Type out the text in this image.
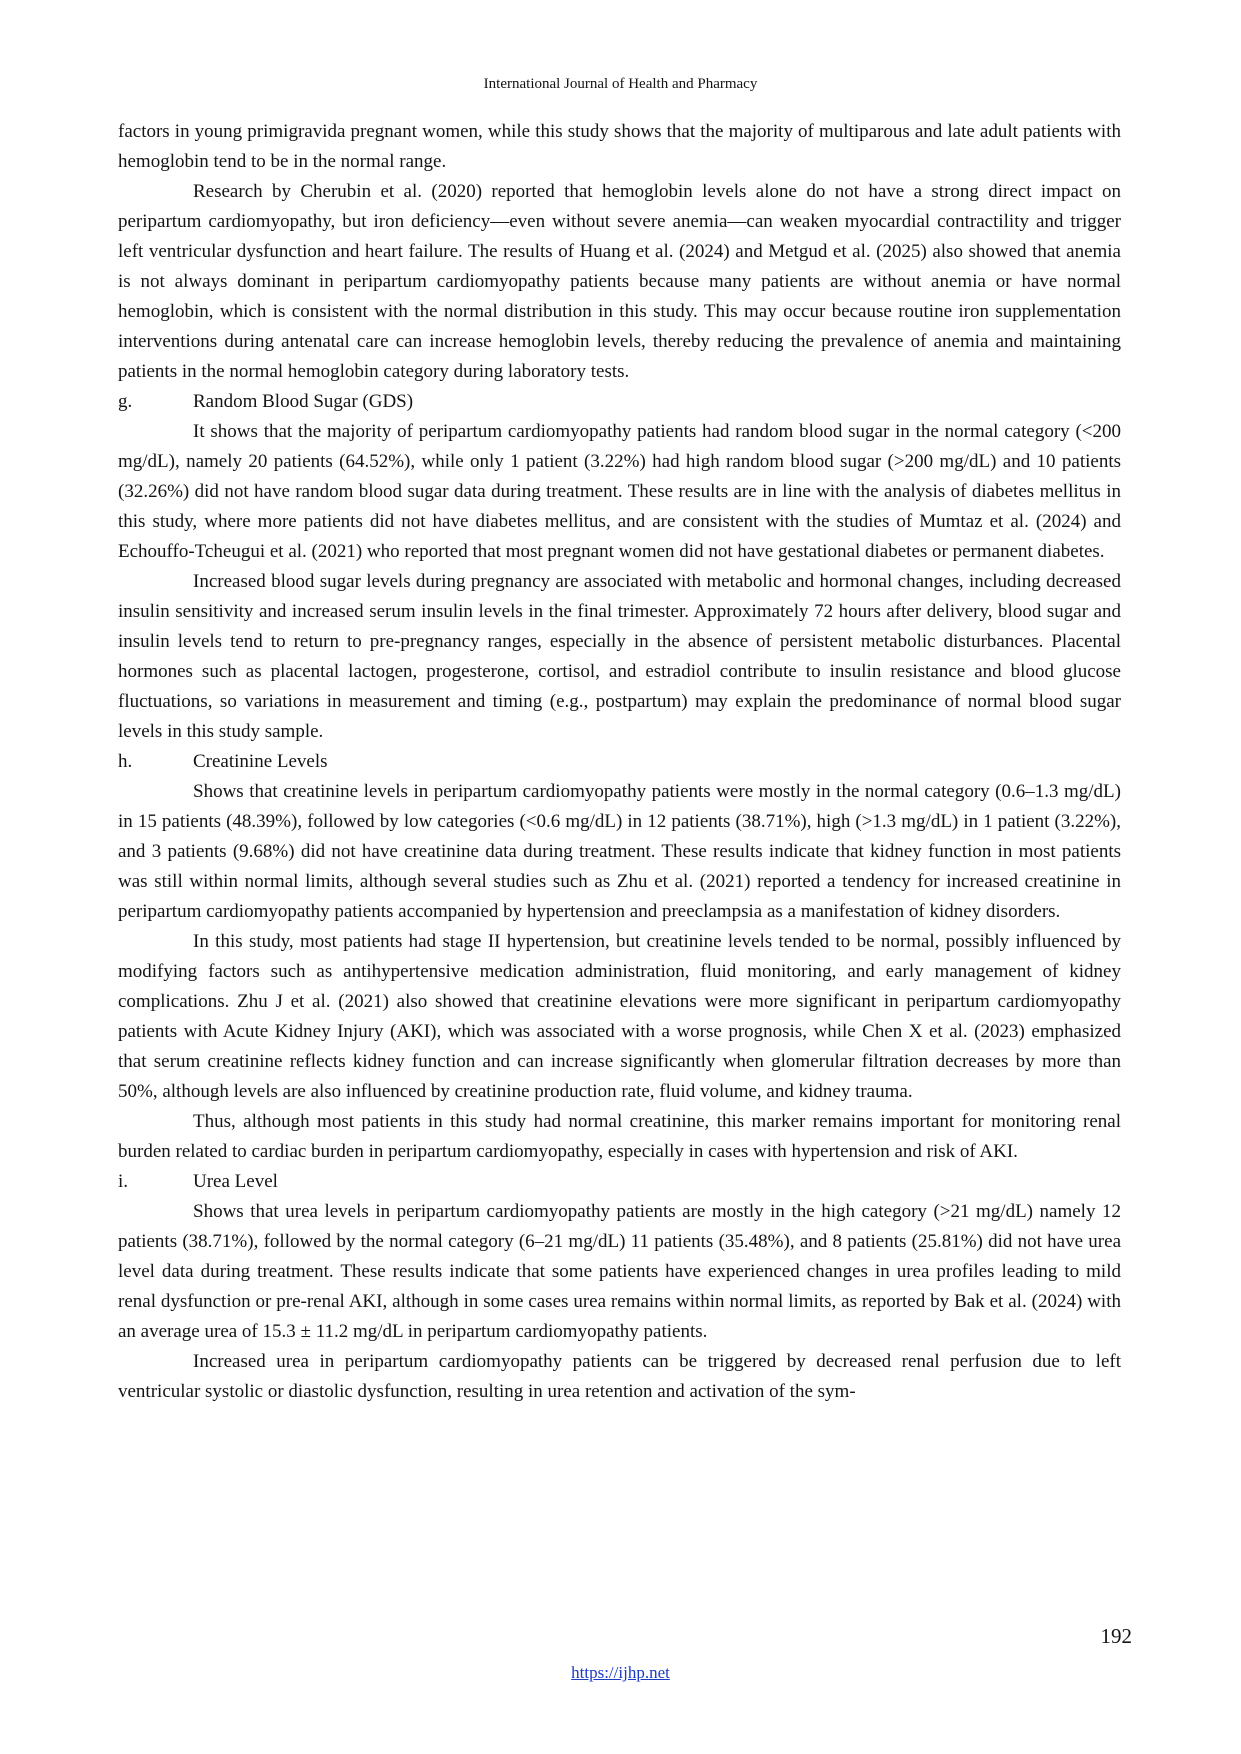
International Journal of Health and Pharmacy

factors in young primigravida pregnant women, while this study shows that the majority of multiparous and late adult patients with hemoglobin tend to be in the normal range.

Research by Cherubin et al. (2020) reported that hemoglobin levels alone do not have a strong direct impact on peripartum cardiomyopathy, but iron deficiency—even without severe anemia—can weaken myocardial contractility and trigger left ventricular dysfunction and heart failure. The results of Huang et al. (2024) and Metgud et al. (2025) also showed that anemia is not always dominant in peripartum cardiomyopathy patients because many patients are without anemia or have normal hemoglobin, which is consistent with the normal distribution in this study. This may occur because routine iron supplementation interventions during antenatal care can increase hemoglobin levels, thereby reducing the prevalence of anemia and maintaining patients in the normal hemoglobin category during laboratory tests.

g.	Random Blood Sugar (GDS)

It shows that the majority of peripartum cardiomyopathy patients had random blood sugar in the normal category (<200 mg/dL), namely 20 patients (64.52%), while only 1 patient (3.22%) had high random blood sugar (>200 mg/dL) and 10 patients (32.26%) did not have random blood sugar data during treatment. These results are in line with the analysis of diabetes mellitus in this study, where more patients did not have diabetes mellitus, and are consistent with the studies of Mumtaz et al. (2024) and Echouffo-Tcheugui et al. (2021) who reported that most pregnant women did not have gestational diabetes or permanent diabetes.

Increased blood sugar levels during pregnancy are associated with metabolic and hormonal changes, including decreased insulin sensitivity and increased serum insulin levels in the final trimester. Approximately 72 hours after delivery, blood sugar and insulin levels tend to return to pre-pregnancy ranges, especially in the absence of persistent metabolic disturbances. Placental hormones such as placental lactogen, progesterone, cortisol, and estradiol contribute to insulin resistance and blood glucose fluctuations, so variations in measurement and timing (e.g., postpartum) may explain the predominance of normal blood sugar levels in this study sample.

h.	Creatinine Levels

Shows that creatinine levels in peripartum cardiomyopathy patients were mostly in the normal category (0.6–1.3 mg/dL) in 15 patients (48.39%), followed by low categories (<0.6 mg/dL) in 12 patients (38.71%), high (>1.3 mg/dL) in 1 patient (3.22%), and 3 patients (9.68%) did not have creatinine data during treatment. These results indicate that kidney function in most patients was still within normal limits, although several studies such as Zhu et al. (2021) reported a tendency for increased creatinine in peripartum cardiomyopathy patients accompanied by hypertension and preeclampsia as a manifestation of kidney disorders.

In this study, most patients had stage II hypertension, but creatinine levels tended to be normal, possibly influenced by modifying factors such as antihypertensive medication administration, fluid monitoring, and early management of kidney complications. Zhu J et al. (2021) also showed that creatinine elevations were more significant in peripartum cardiomyopathy patients with Acute Kidney Injury (AKI), which was associated with a worse prognosis, while Chen X et al. (2023) emphasized that serum creatinine reflects kidney function and can increase significantly when glomerular filtration decreases by more than 50%, although levels are also influenced by creatinine production rate, fluid volume, and kidney trauma.

Thus, although most patients in this study had normal creatinine, this marker remains important for monitoring renal burden related to cardiac burden in peripartum cardiomyopathy, especially in cases with hypertension and risk of AKI.

i.	Urea Level

Shows that urea levels in peripartum cardiomyopathy patients are mostly in the high category (>21 mg/dL) namely 12 patients (38.71%), followed by the normal category (6–21 mg/dL) 11 patients (35.48%), and 8 patients (25.81%) did not have urea level data during treatment. These results indicate that some patients have experienced changes in urea profiles leading to mild renal dysfunction or pre-renal AKI, although in some cases urea remains within normal limits, as reported by Bak et al. (2024) with an average urea of 15.3 ± 11.2 mg/dL in peripartum cardiomyopathy patients.

Increased urea in peripartum cardiomyopathy patients can be triggered by decreased renal perfusion due to left ventricular systolic or diastolic dysfunction, resulting in urea retention and activation of the sym-

192
https://ijhp.net
